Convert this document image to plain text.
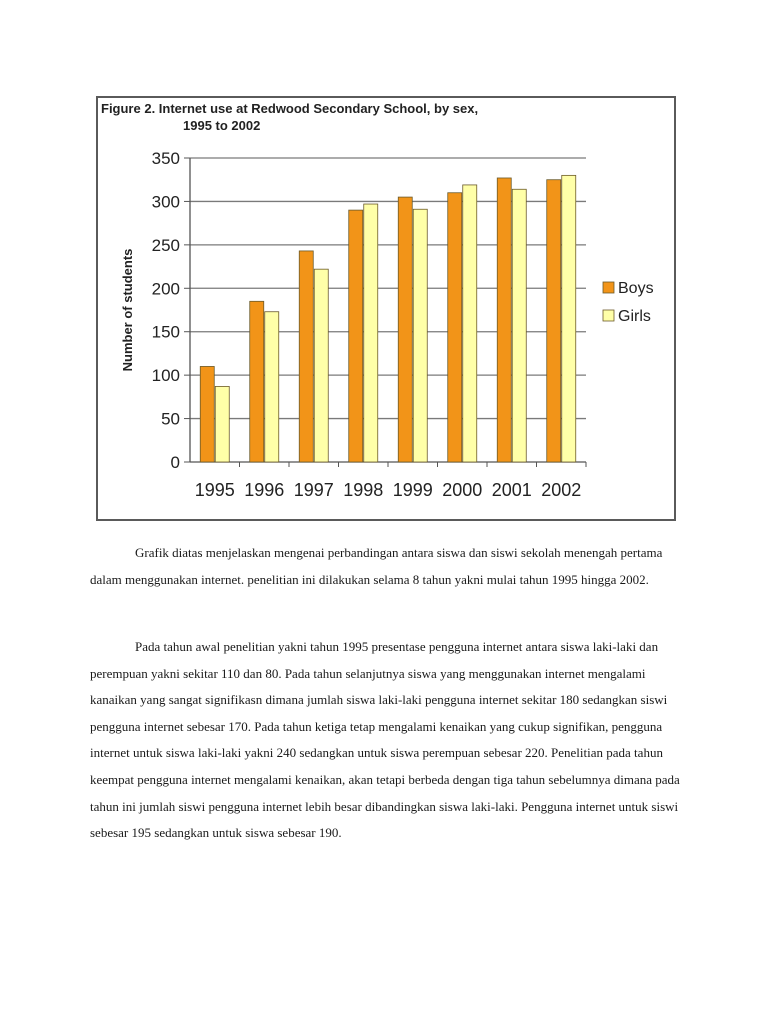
Figure 2. Internet use at Redwood Secondary School, by sex,
1995 to 2002
0
50
100
150
200
250
300
350
1995 1996 1997 1998 1999 2000 2001 2002
Number of students	Boys
Girls

Grafik diatas menjelaskan mengenai perbandingan antara siswa dan siswi sekolah menengah pertama dalam menggunakan internet. penelitian ini dilakukan selama 8 tahun yakni mulai tahun 1995 hingga 2002.

Pada tahun awal penelitian yakni tahun 1995 presentase pengguna internet antara siswa laki-laki dan perempuan yakni sekitar 110 dan 80. Pada tahun selanjutnya siswa yang menggunakan internet mengalami kanaikan yang sangat signifikasn dimana jumlah siswa laki-laki pengguna internet sekitar 180 sedangkan siswi pengguna internet sebesar 170. Pada tahun ketiga tetap mengalami kenaikan yang cukup signifikan, pengguna internet untuk siswa laki-laki yakni 240 sedangkan untuk siswa perempuan sebesar 220. Penelitian pada tahun keempat pengguna internet mengalami kenaikan, akan tetapi berbeda dengan tiga tahun sebelumnya dimana pada tahun ini jumlah siswi pengguna internet lebih besar dibandingkan siswa laki-laki. Pengguna internet untuk siswi sebesar 195 sedangkan untuk siswa sebesar 190.
